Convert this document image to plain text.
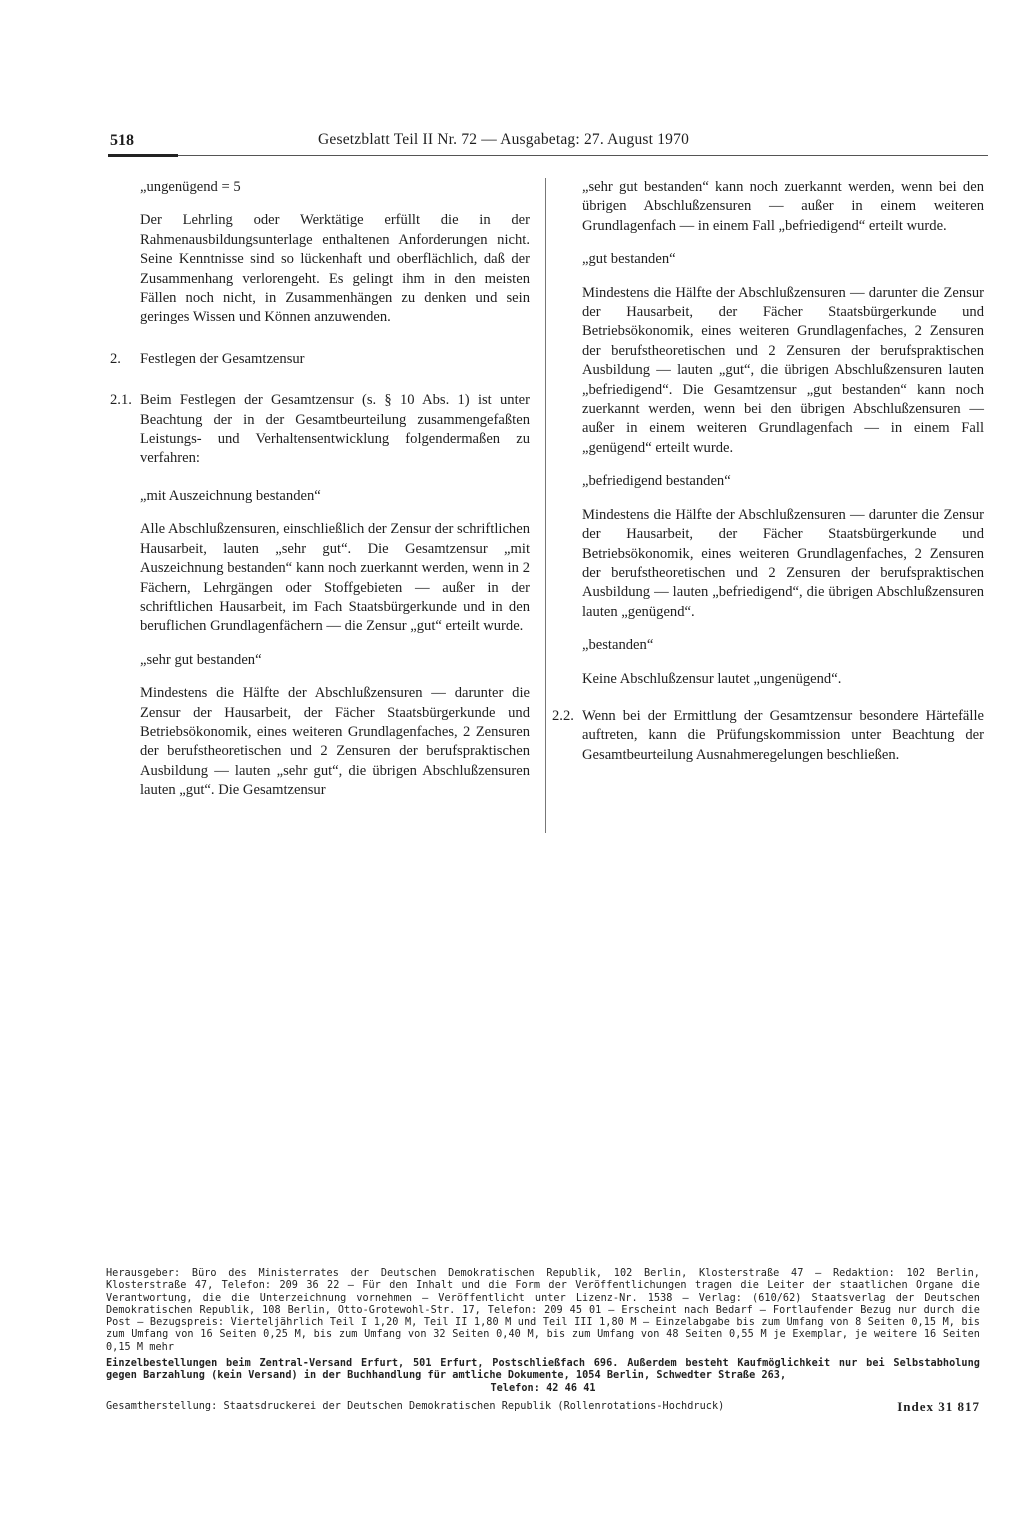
518	Gesetzblatt Teil II Nr. 72 — Ausgabetag: 27. August 1970

„ungenügend = 5

Der Lehrling oder Werktätige erfüllt die in der Rahmenausbildungsunterlage enthaltenen Anforderungen nicht. Seine Kenntnisse sind so lückenhaft und oberflächlich, daß der Zusammenhang verlorengeht. Es gelingt ihm in den meisten Fällen noch nicht, in Zusammenhängen zu denken und sein geringes Wissen und Können anzuwenden.

2.	Festlegen der Gesamtzensur
2.1. Beim Festlegen der Gesamtzensur (s. § 10 Abs. 1) ist unter Beachtung der in der Gesamtbeurteilung zusammengefaßten Leistungs- und Verhaltensentwicklung folgendermaßen zu verfahren:

„mit Auszeichnung bestanden“

Alle Abschlußzensuren, einschließlich der Zensur der schriftlichen Hausarbeit, lauten „sehr gut“. Die Gesamtzensur „mit Auszeichnung bestanden“ kann noch zuerkannt werden, wenn in 2 Fächern, Lehrgängen oder Stoffgebieten — außer in der schriftlichen Hausarbeit, im Fach Staatsbürgerkunde und in den beruflichen Grundlagenfächern — die Zensur „gut“ erteilt wurde.

„sehr gut bestanden“

Mindestens die Hälfte der Abschlußzensuren — darunter die Zensur der Hausarbeit, der Fächer Staatsbürgerkunde und Betriebsökonomik, eines weiteren Grundlagenfaches, 2 Zensuren der berufstheoretischen und 2 Zensuren der berufspraktischen Ausbildung — lauten „sehr gut“, die übrigen Abschlußzensuren lauten „gut“. Die Gesamtzensur

„sehr gut bestanden“ kann noch zuerkannt werden, wenn bei den übrigen Abschlußzensuren — außer in einem weiteren Grundlagenfach — in einem Fall „befriedigend“ erteilt wurde.

„gut bestanden“

Mindestens die Hälfte der Abschlußzensuren — darunter die Zensur der Hausarbeit, der Fächer Staatsbürgerkunde und Betriebsökonomik, eines weiteren Grundlagenfaches, 2 Zensuren der berufstheoretischen und 2 Zensuren der berufspraktischen Ausbildung — lauten „gut“, die übrigen Abschlußzensuren lauten „befriedigend“. Die Gesamtzensur „gut bestanden“ kann noch zuerkannt werden, wenn bei den übrigen Abschlußzensuren — außer in einem weiteren Grundlagenfach — in einem Fall „genügend“ erteilt wurde.

„befriedigend bestanden“

Mindestens die Hälfte der Abschlußzensuren — darunter die Zensur der Hausarbeit, der Fächer Staatsbürgerkunde und Betriebsökonomik, eines weiteren Grundlagenfaches, 2 Zensuren der berufstheoretischen und 2 Zensuren der berufspraktischen Ausbildung — lauten „befriedigend“, die übrigen Abschlußzensuren lauten „genügend“.

„bestanden“

Keine Abschlußzensur lautet „ungenügend“.

2.2. Wenn bei der Ermittlung der Gesamtzensur besondere Härtefälle auftreten, kann die Prüfungskommission unter Beachtung der Gesamtbeurteilung Ausnahmeregelungen beschließen.
Herausgeber: Büro des Ministerrates der Deutschen Demokratischen Republik, 102 Berlin, Klosterstraße 47 — Redaktion: 102 Berlin, Klosterstraße 47, Telefon: 209 36 22 — Für den Inhalt und die Form der Veröffentlichungen tragen die Leiter der staatlichen Organe die Verantwortung, die die Unterzeichnung vornehmen — Veröffentlicht unter Lizenz-Nr. 1538 — Verlag: (610/62) Staatsverlag der Deutschen Demokratischen Republik, 108 Berlin, Otto-Grotewohl-Str. 17, Telefon: 209 45 01 — Erscheint nach Bedarf — Fortlaufender Bezug nur durch die Post — Bezugspreis: Vierteljährlich Teil I 1,20 M, Teil II 1,80 M und Teil III 1,80 M — Einzelabgabe bis zum Umfang von 8 Seiten 0,15 M, bis zum Umfang von 16 Seiten 0,25 M, bis zum Umfang von 32 Seiten 0,40 M, bis zum Umfang von 48 Seiten 0,55 M je Exemplar, je weitere 16 Seiten 0,15 M mehr
Einzelbestellungen beim Zentral-Versand Erfurt, 501 Erfurt, Postschließfach 696. Außerdem besteht Kaufmöglichkeit nur bei Selbstabholung gegen Barzahlung (kein Versand) in der Buchhandlung für amtliche Dokumente, 1054 Berlin, Schwedter Straße 263,
Telefon: 42 46 41
Gesamtherstellung: Staatsdruckerei der Deutschen Demokratischen Republik (Rollenrotations-Hochdruck)	Index 31 817
